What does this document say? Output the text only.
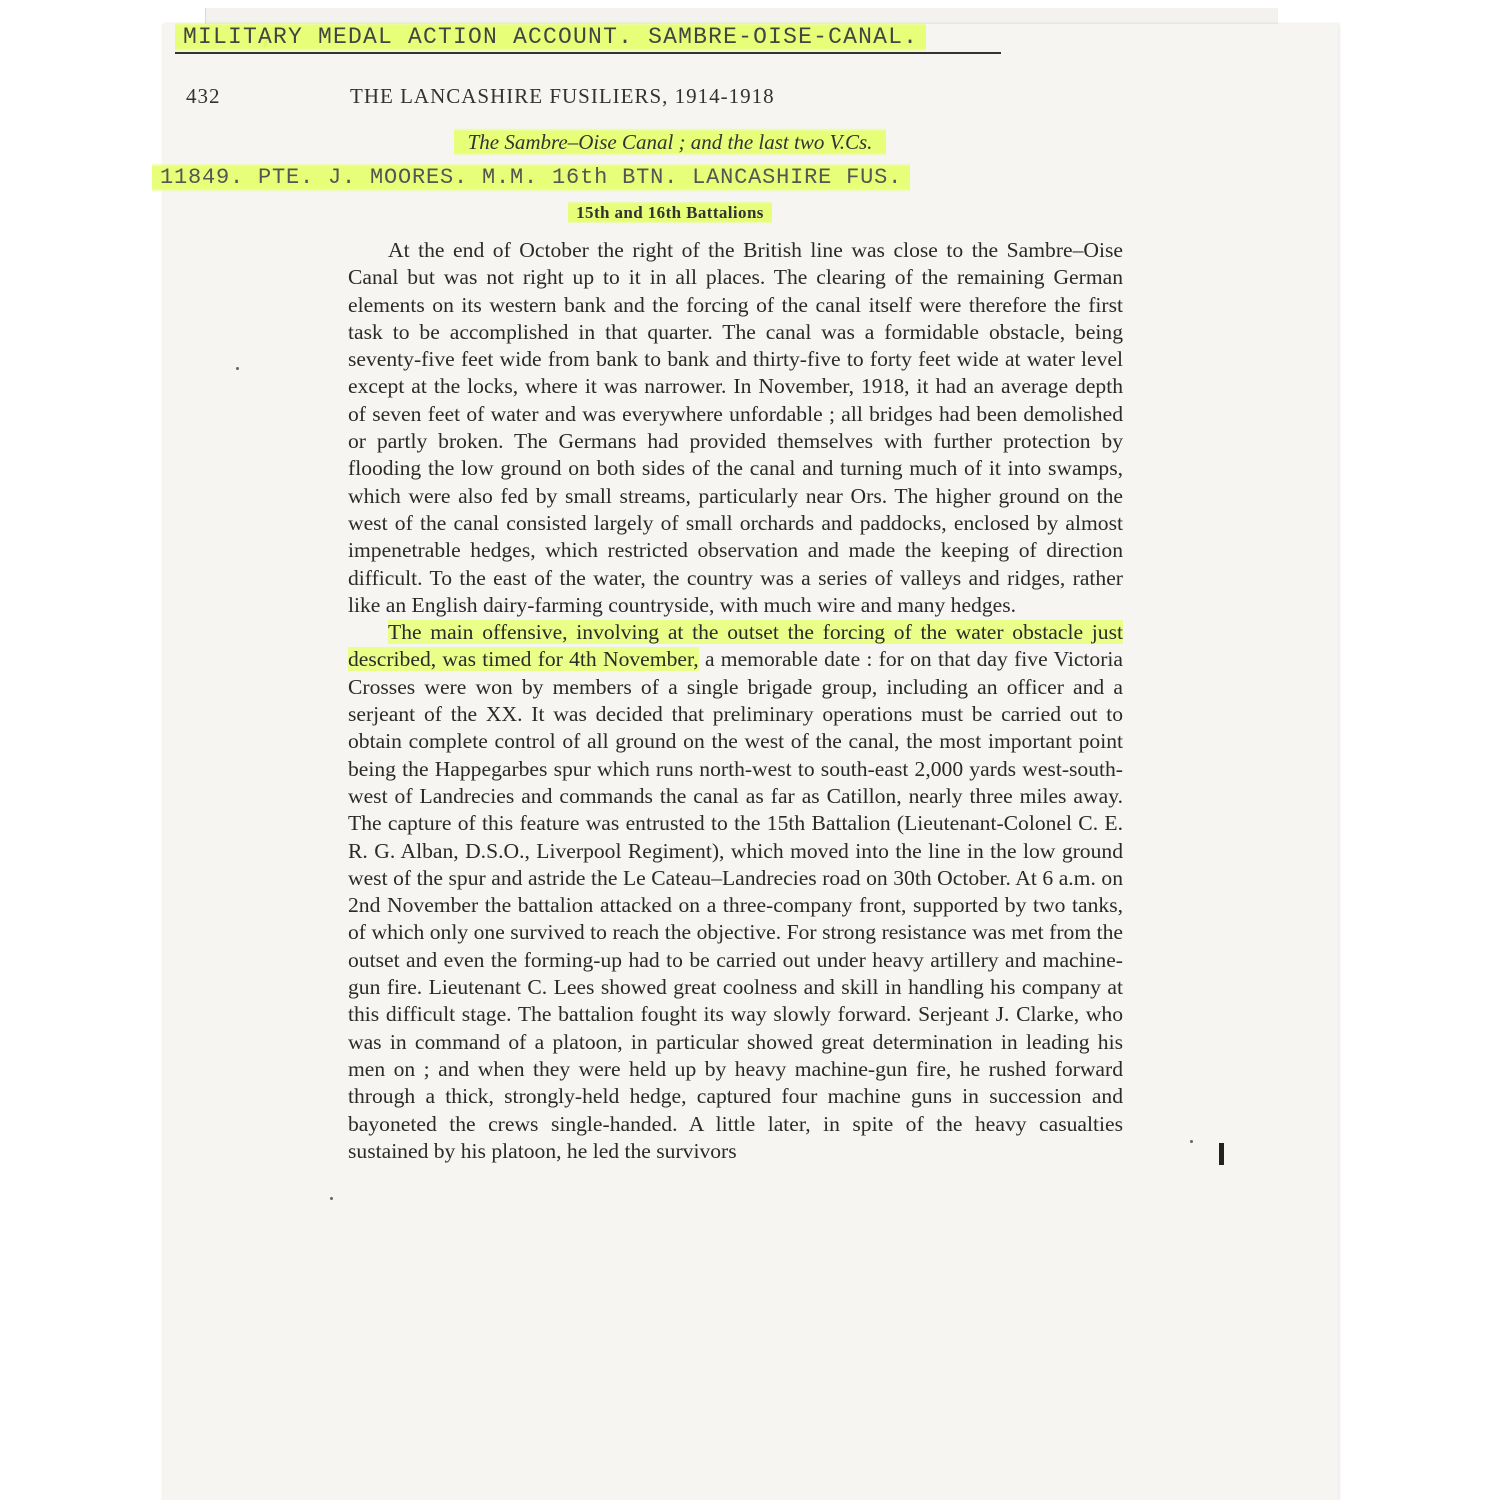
MILITARY MEDAL ACTION ACCOUNT. SAMBRE-OISE-CANAL.
432	THE LANCASHIRE FUSILIERS, 1914-1918
The Sambre–Oise Canal ; and the last two V.Cs.
11849. PTE. J. MOORES. M.M. 16th BTN. LANCASHIRE FUS.
15th and 16th Battalions

At the end of October the right of the British line was close to the Sambre–Oise Canal but was not right up to it in all places. The clearing of the remaining German elements on its western bank and the forcing of the canal itself were therefore the first task to be accomplished in that quarter. The canal was a formidable obstacle, being seventy-five feet wide from bank to bank and thirty-five to forty feet wide at water level except at the locks, where it was narrower. In November, 1918, it had an average depth of seven feet of water and was everywhere unfordable ; all bridges had been demolished or partly broken. The Germans had provided themselves with further protection by flooding the low ground on both sides of the canal and turning much of it into swamps, which were also fed by small streams, particularly near Ors. The higher ground on the west of the canal consisted largely of small orchards and paddocks, enclosed by almost impenetrable hedges, which restricted observation and made the keeping of direction difficult. To the east of the water, the country was a series of valleys and ridges, rather like an English dairy-farming countryside, with much wire and many hedges.

The main offensive, involving at the outset the forcing of the water obstacle just described, was timed for 4th November, a memorable date : for on that day five Victoria Crosses were won by members of a single brigade group, including an officer and a serjeant of the XX. It was decided that preliminary operations must be carried out to obtain complete control of all ground on the west of the canal, the most important point being the Happegarbes spur which runs north-west to south-east 2,000 yards west-south-west of Landrecies and commands the canal as far as Catillon, nearly three miles away. The capture of this feature was entrusted to the 15th Battalion (Lieutenant-Colonel C. E. R. G. Alban, D.S.O., Liverpool Regiment), which moved into the line in the low ground west of the spur and astride the Le Cateau–Landrecies road on 30th October. At 6 a.m. on 2nd November the battalion attacked on a three-company front, supported by two tanks, of which only one survived to reach the objective. For strong resistance was met from the outset and even the forming-up had to be carried out under heavy artillery and machine-gun fire. Lieutenant C. Lees showed great coolness and skill in handling his company at this difficult stage. The battalion fought its way slowly forward. Serjeant J. Clarke, who was in command of a platoon, in particular showed great determination in leading his men on ; and when they were held up by heavy machine-gun fire, he rushed forward through a thick, strongly-held hedge, captured four machine guns in succession and bayoneted the crews single-handed. A little later, in spite of the heavy casualties sustained by his platoon, he led the survivors
